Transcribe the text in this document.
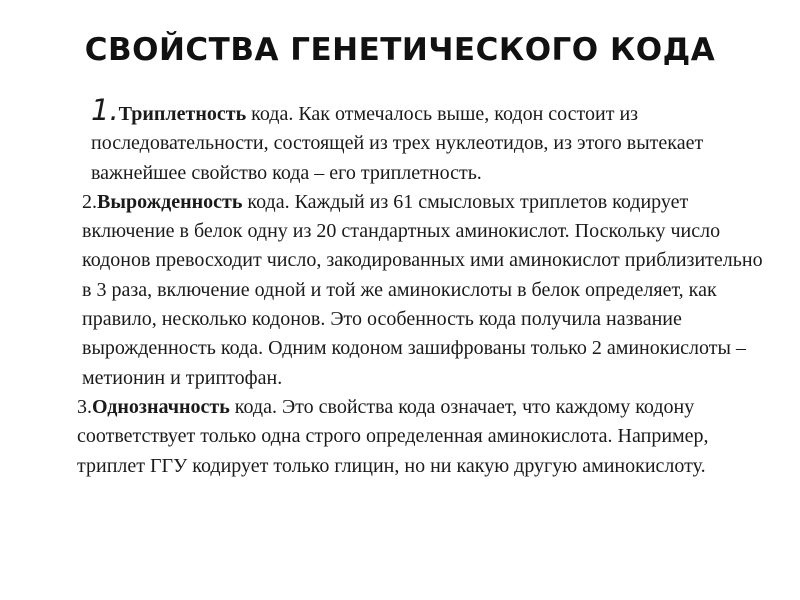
СВОЙСТВА ГЕНЕТИЧЕСКОГО КОДА

1.Триплетность кода. Как отмечалось выше, кодон состоит из последовательности, состоящей из трех нуклеотидов, из этого вытекает важнейшее свойство кода – его триплетность.

2.Вырожденность кода. Каждый из 61 смысловых триплетов кодирует включение в белок одну из 20 стандартных аминокислот. Поскольку число кодонов превосходит число, закодированных ими аминокислот приблизительно в 3 раза, включение одной и той же аминокислоты в белок определяет, как правило, несколько кодонов. Это особенность кода получила название вырожденность кода. Одним кодоном зашифрованы только 2 аминокислоты – метионин и триптофан.

3.Однозначность кода. Это свойства кода означает, что каждому кодону соответствует только одна строго определенная аминокислота. Например, триплет ГГУ кодирует только глицин, но ни какую другую аминокислоту.
